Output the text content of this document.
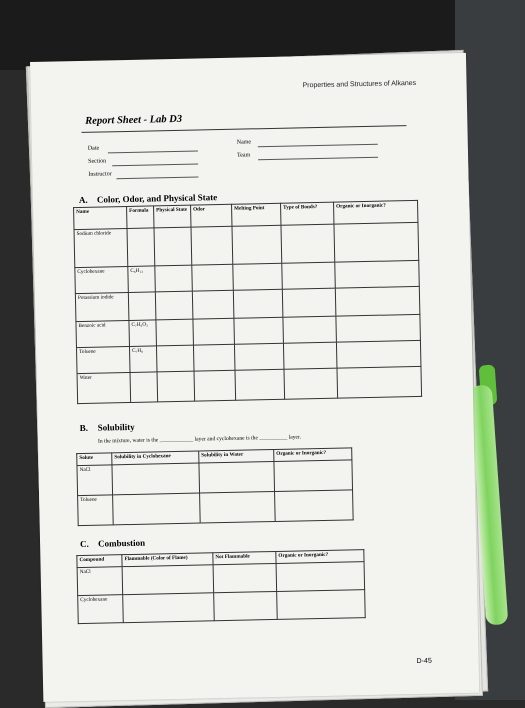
Properties and Structures of Alkanes
Report Sheet - Lab D3
Date
Section
Instructor
Name
Team
A. Color, Odor, and Physical State
Name	Formula	Physical State	Odor	Melting Point	Type of Bonds?	Organic or Inorganic?
Sodium chloride						
Cyclohexane	C₆H₁₂					
Potassium iodide						
Benzoic acid	C₇H₆O₂					
Toluene	C₇H₈					
Water						
B. Solubility
In the mixture, water is the ____________ layer and cyclohexane is the __________ layer.
Solute	Solubility in Cyclohexane	Solubility in Water	Organic or Inorganic?
NaCl			
Toluene			
C. Combustion
Compound	Flammable (Color of Flame)	Not Flammable	Organic or Inorganic?
NaCl			
Cyclohexane			
D-45
